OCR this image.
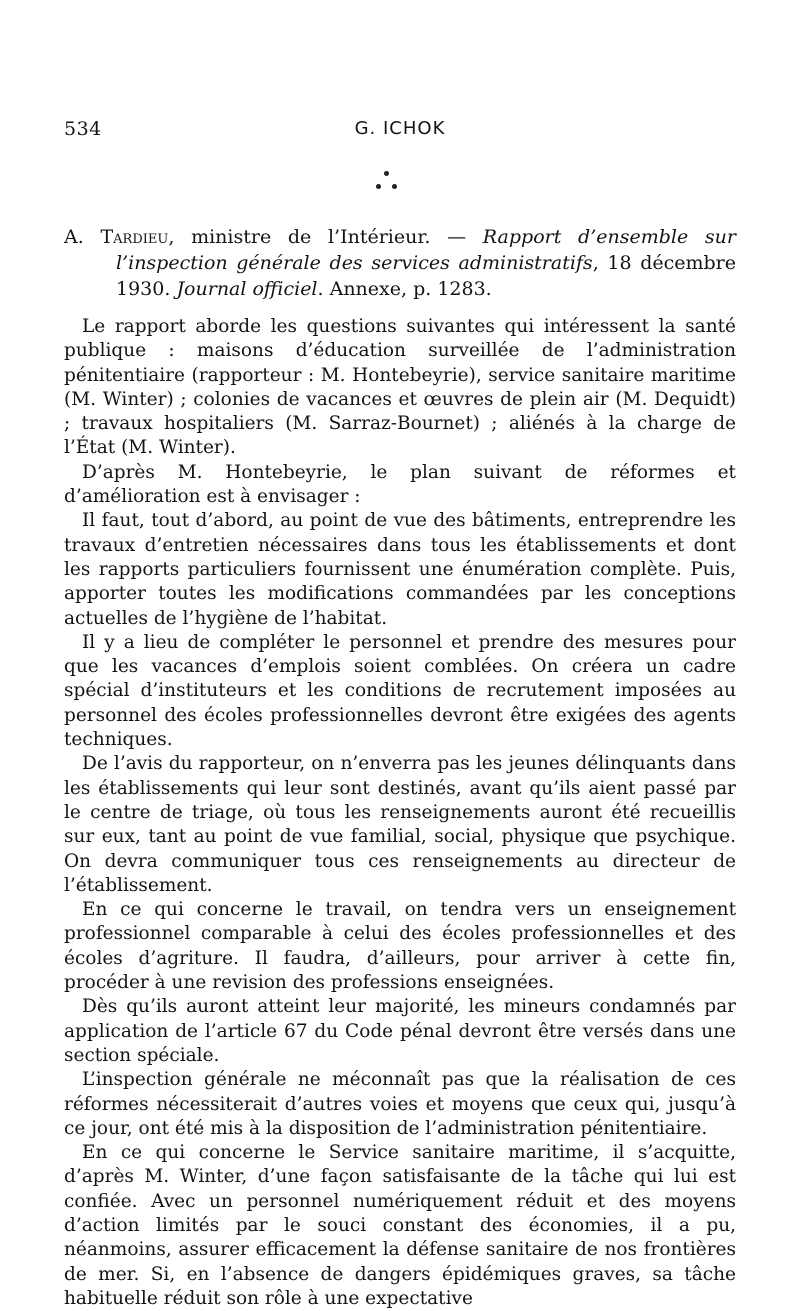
534	G. ICHOK
A. Tardieu, ministre de l’Intérieur. — Rapport d’ensemble sur l’inspection générale des services administratifs, 18 décembre 1930. Journal officiel. Annexe, p. 1283.

Le rapport aborde les questions suivantes qui intéressent la santé publique : maisons d’éducation surveillée de l’administration pénitentiaire (rapporteur : M. Hontebeyrie), service sanitaire maritime (M. Winter) ; colonies de vacances et œuvres de plein air (M. Dequidt) ; travaux hospitaliers (M. Sarraz-Bournet) ; aliénés à la charge de l’État (M. Winter).

D’après M. Hontebeyrie, le plan suivant de réformes et d’amélioration est à envisager :

Il faut, tout d’abord, au point de vue des bâtiments, entreprendre les travaux d’entretien nécessaires dans tous les établissements et dont les rapports particuliers fournissent une énumération complète. Puis, apporter toutes les modifications commandées par les conceptions actuelles de l’hygiène de l’habitat.

Il y a lieu de compléter le personnel et prendre des mesures pour que les vacances d’emplois soient comblées. On créera un cadre spécial d’instituteurs et les conditions de recrutement imposées au personnel des écoles professionnelles devront être exigées des agents techniques.

De l’avis du rapporteur, on n’enverra pas les jeunes délinquants dans les établissements qui leur sont destinés, avant qu’ils aient passé par le centre de triage, où tous les renseignements auront été recueillis sur eux, tant au point de vue familial, social, physique que psychique. On devra communiquer tous ces renseignements au directeur de l’établissement.

En ce qui concerne le travail, on tendra vers un enseignement professionnel comparable à celui des écoles professionnelles et des écoles d’agriture. Il faudra, d’ailleurs, pour arriver à cette fin, procéder à une revision des professions enseignées.

Dès qu’ils auront atteint leur majorité, les mineurs condamnés par application de l’article 67 du Code pénal devront être versés dans une section spéciale.

L’inspection générale ne méconnaît pas que la réalisation de ces réformes nécessiterait d’autres voies et moyens que ceux qui, jusqu’à ce jour, ont été mis à la disposition de l’administration pénitentiaire.

En ce qui concerne le Service sanitaire maritime, il s’acquitte, d’après M. Winter, d’une façon satisfaisante de la tâche qui lui est confiée. Avec un personnel numériquement réduit et des moyens d’action limités par le souci constant des économies, il a pu, néanmoins, assurer efficacement la défense sanitaire de nos frontières de mer. Si, en l’absence de dangers épidémiques graves, sa tâche habituelle réduit son rôle à une expectative
